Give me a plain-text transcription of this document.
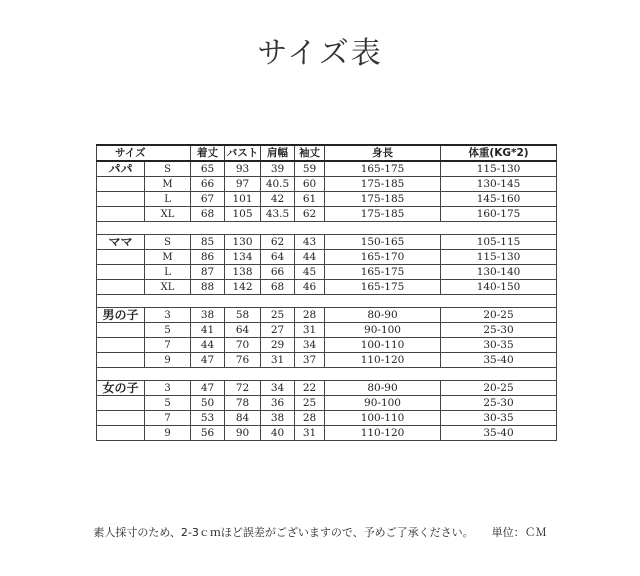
サイズ表
サイズ		着丈	バスト	肩幅	袖丈	身長	体重(KG*2)
パパ	S	65	93	39	59	165-175	115-130
	M	66	97	40.5	60	175-185	130-145
	L	67	101	42	61	175-185	145-160
	XL	68	105	43.5	62	175-185	160-175

ママ	S	85	130	62	43	150-165	105-115
	M	86	134	64	44	165-170	115-130
	L	87	138	66	45	165-175	130-140
	XL	88	142	68	46	165-175	140-150

男の子	3	38	58	25	28	80-90	20-25
	5	41	64	27	31	90-100	25-30
	7	44	70	29	34	100-110	30-35
	9	47	76	31	37	110-120	35-40

女の子	3	47	72	34	22	80-90	20-25
	5	50	78	36	25	90-100	25-30
	7	53	84	38	28	100-110	30-35
	9	56	90	40	31	110-120	35-40
素人採寸のため、2-3ｃｍほど誤差がございますので、予めご了承ください。 単位：ＣＭ
